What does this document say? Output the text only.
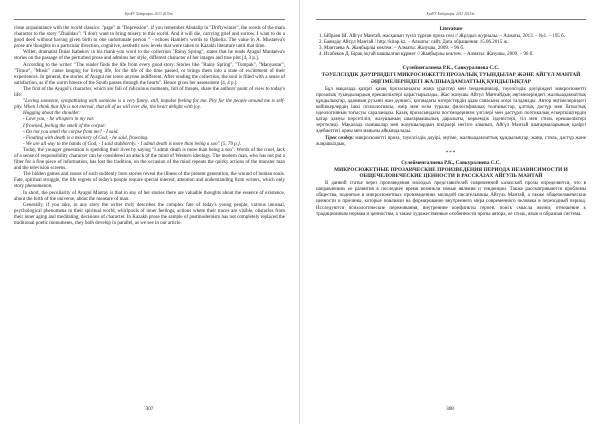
ҚазҰУ Хабарлары. 2013 2015ж.

close acquaintance with the world classics: "page" in "Depression", if you remember Abutalip in "Driftywinter", the words of the main character to the story "Zhaildau": "I don't want to bring misery to this world. And it will die, carrying grief and sorrow. I want to do a good deed without having given birth to one unfortunate person " - echoes Hamlet's words to Ophelia. The value in A. Mustaeva's prose are thoughts in a particular direction, cognitive, aesthetic new levels that were taken to Kazakh literature until that time.

Writer, dramatist Dulat Isabekov in his thank-you word to the collection "Rainy Spring", states that he reads Ayagul Mantaeva's stories on the passage of the perturbed prose and admires her style, different character of her images and true plot [4, 3 p.].

According to the writer: "The reader finds the life from every good story. Stories like "Rainy Spring", "Tompak", "Manyastar", "Timur", "Music" cause longing for living life, for the life of the time passed, or brings them into a state of excitement of their experiences. In general, the stories of Ayagul not leave anyone indifferent. After reading the collection, the soul is filled with a sense of satisfaction, as if the warm breeze of the South passes through the hearts". Hence gives her assessment [4, 4 p.].

The first of the Ayagul's character, which are full of ridiculous moments, full of threats, share the authors' point of view to today's life:

"Loving someone, sympathizing with someone is a very funny, still, impulse feeling for me. Pity for the people around me is self-pity. When I think that life is not eternal, that all of us will ever die, the heart delight with joy.

Hugging about the shoulder:

- Love you, - he whispers in my ear.
I frowned, feeling the smell of the corpse:
- Do not you smell the corpse from me? - I said.
- Floating with death is a mockery of God, - he said, frowning.
- We are all way to the hands of God, - I said stubbornly. - I admit death is more than being a son" [5, 79 p.].

Today, the younger generation is spending their lives by saying "I admit death is more than being a son". Words of the cruel, lack of a sense of responsibility character can be considered an attack of the mind of Western ideology. The modern man, who has not put a filter for a fine piece of information, has lost the tradition, on the occasion of the mind repeats the quirky actions of the monster man and the television screens.

The hidden games and issues of such suddenly born stories reveal the illness of the present generation, the wound of human souls. Fate, spiritual struggle, the life regrets of today's people require special interest, attention and understanding from writers, which only story phenomenon.

In short, the peculiarity of Ayagul Mantay is that in any of her stories there are valuable thoughts about the essence of existence, about the birth of the universe, about the measure of man.

Generally, if you take, in any story the writer truly describes the complex fate of today's young people, various unusual, psychological phenomena in their spiritual world, whirlpools of inner feelings, actions where their traces are visible, obstacles from their inner aging and meditating, decisions of character. In Kazakh prose the sample of postmodernism has not completely replaced the traditional poetic monuments, they both develop in parallel, as we see in our article.

307
ҚазҰУ Хабарлары. 2013 2015ж.
Literature
1. Ыбраев Ш. Айгүл Мантай, жасқанып түсіп тұрған проза сөзі // Жұлдыз журналы. – Алматы, 2013. – №1. – 195 б.
2. Баяндау Айгүл Мантай / http://kitap.kz. – Алматы: сайт. Дата обращения: 15.06.2015 ж.
3. Мантаева А. Жаңбырлы көктем. – Алматы: Жазушы, 2009. – 96 б.
4. Исабеков Д. Бірақ оқтай шашылған құрмет // Жаңбырлы көктем. – Алматы: Жазушы, 2009. – 96 б.
Сүлеймегалиева Р.К., Саякуралиева С.С.
ТӘУЕЛСІЗДІК ДӘУІРІНДЕГІ МИКРОСЮЖЕТТІ ПРОЗАЛЫҚ ТУЫНДЫЛАР ЖӘНЕ АЙГҮЛ МАНТАЙ ӘҢГІМЕЛЕРІНДЕГІ ЖАЛПЫАДАМЗАТТЫҚ ҚҰНДЫЛЫҚТАР

Бұл мақалада қазіргі қазақ прозасындағы жаңа үрдістер мен тенденциялар, тәуелсіздік дәуіріндегі микросюжетті прозалық туындылардың ерекшеліктері қарастырылады. Жас жазушы Айгүл Мантайдың әңгімелеріндегі жалпыадамзаттық құндылықтар, адамның рухани жан дүниесі, қоғамдағы өзгерістердің адам санасына әсері талданады. Автор әңгімелеріндегі кейіпкерлердің ішкі психологиясы, өмір мен өлім туралы философиялық толғаныстар, ұлттық дәстүр мен батыстық идеологияның тоғысуы сараланады. Қазақ прозасындағы постмодернизм үлгілері мен дәстүрлі поэтикалық ескерткіштердің қатар дамуы көрсетіліп, жазушының шығармашылық даралығы, көркемдік ізденістері, тіл мен стиль ерекшеліктері зерттеледі. Мақалада сыншылар мен жазушылардың пікірлері негізге алынып, Айгүл Мантай шығармаларының қазіргі әдебиеттегі орны мен маңызы айқындалады.

Тірек сөздер: микросюжетті проза, тәуелсіздік дәуірі, әңгіме, жалпыадамзаттық құндылықтар, жанр, стиль, дәстүр және жаңашылдық.

***
Сулейменгалиева Р.К., Саякуралиева С.С.
МИКРОСЮЖЕТНЫЕ ПРОЗАИЧЕСКИЕ ПРОИЗВЕДЕНИЯ ПЕРИОДА НЕЗАВИСИМОСТИ И ОБЩЕЧЕЛОВЕЧЕСКИЕ ЦЕННОСТИ В РАССКАЗАХ АЙГУЛЬ МАНТАЙ

В данной статье через произведения молодых представителей современной казахской прозы определяется, что в направлениях ее развития в последнее время возникли новые явления и тенденции. Также рассматриваются проблемы общества, поднятые в микросюжетных произведениях молодой писательницы Айгуль Мантай, а также общечеловеческие ценности и причины, которые повлияли на формирование внутреннего мира современного человека в переходный период. Исследуются психологические переживания, внутренние конфликты героев, поиск смысла жизни, отношение к традиционным нормам и ценностям, а также художественные особенности прозы автора, ее стиль, язык и образная система.

308
